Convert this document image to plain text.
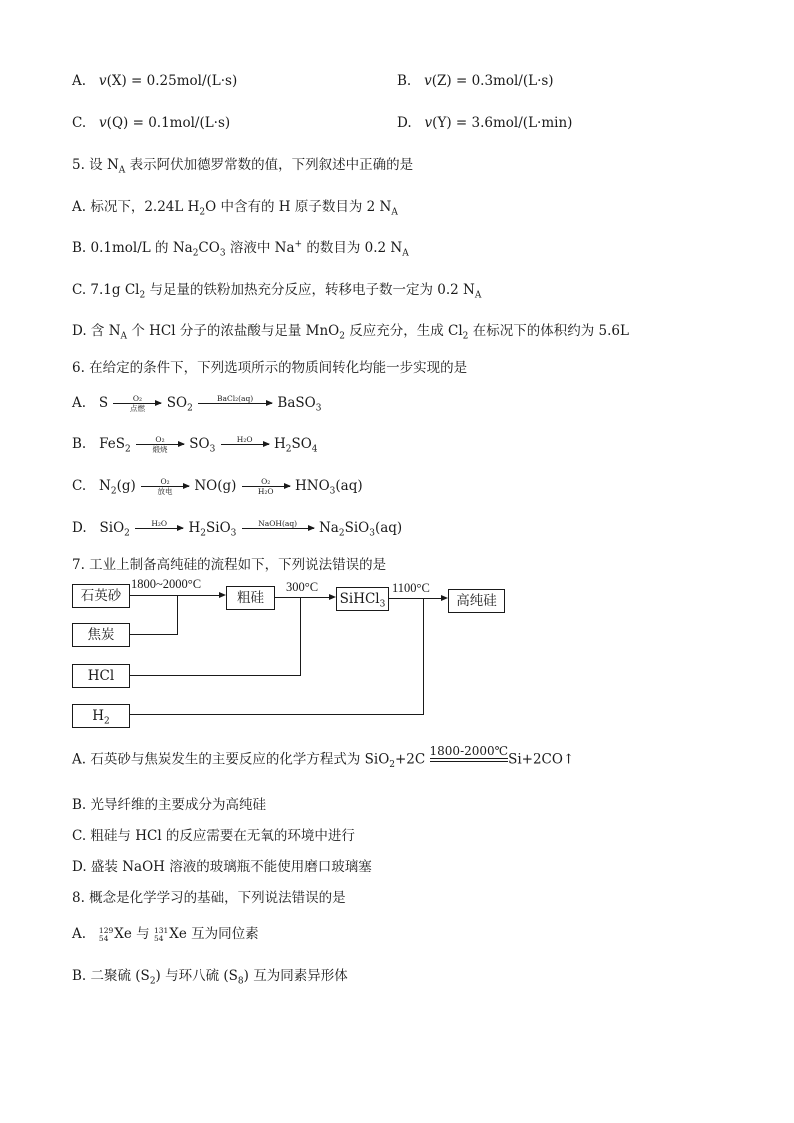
A. v(X) = 0.25mol/(L·s)	B. v(Z) = 0.3mol/(L·s)
C. v(Q) = 0.1mol/(L·s)	D. v(Y) = 3.6mol/(L·min)
5. 设 $N_A$ 表示阿伏加德罗常数的值，下列叙述中正确的是
A. 标况下，2.24L $H_2O$ 中含有的 H 原子数目为 2 $N_A$
B. 0.1mol/L 的 $Na_2CO_3$ 溶液中 Na+ 的数目为 0.2 $N_A$
C. 7.1g $Cl_2$ 与足量的铁粉加热充分反应，转移电子数一定为 0.2 $N_A$
D. 含 $N_A$ 个 HCl 分子的浓盐酸与足量 MnO$_2$ 反应充分，生成 $Cl_2$ 在标况下的体积约为 5.6L
6. 在给定的条件下，下列选项所示的物质间转化均能一步实现的是
A. S	O₂
点燃	$SO_2$
BaCl₂(aq)
	BaSO$_3$
B. FeS$_2$
O₂
煅烧	$SO_3$
H₂O
	$H_2SO_4$
C. $N_2(g)$	O₂
放电	$NO(g) \frac{\text{O₂}}{\text{H₂O}} HNO_3(aq)$
D. SiO$_2$
H₂O
	$H_2SiO_3$
NaOH(aq)
	$Na_2SiO_3(aq)$
7. 工业上制备高纯硅的流程如下，下列说法错误的是
石英砂
焦炭
HCl
$H_2$
粗硅	SiHCl$_3$	高纯硅
1800~2000°C	300°C	1100°C
A. 石英砂与焦炭发生的主要反应的化学方程式为 SiO$_2$+2C
1800-2000℃

Si+2CO↑
B. 光导纤维的主要成分为高纯硅
C. 粗硅与 HCl 的反应需要在无氧的环境中进行
D. 盛装 NaOH 溶液的玻璃瓶不能使用磨口玻璃塞
8. 概念是化学学习的基础，下列说法错误的是
A. 129
54 Xe 与 131
54 Xe 互为同位素
B. 二聚硫 $(S_2)$ 与环八硫 $(S_8)$ 互为同素异形体
